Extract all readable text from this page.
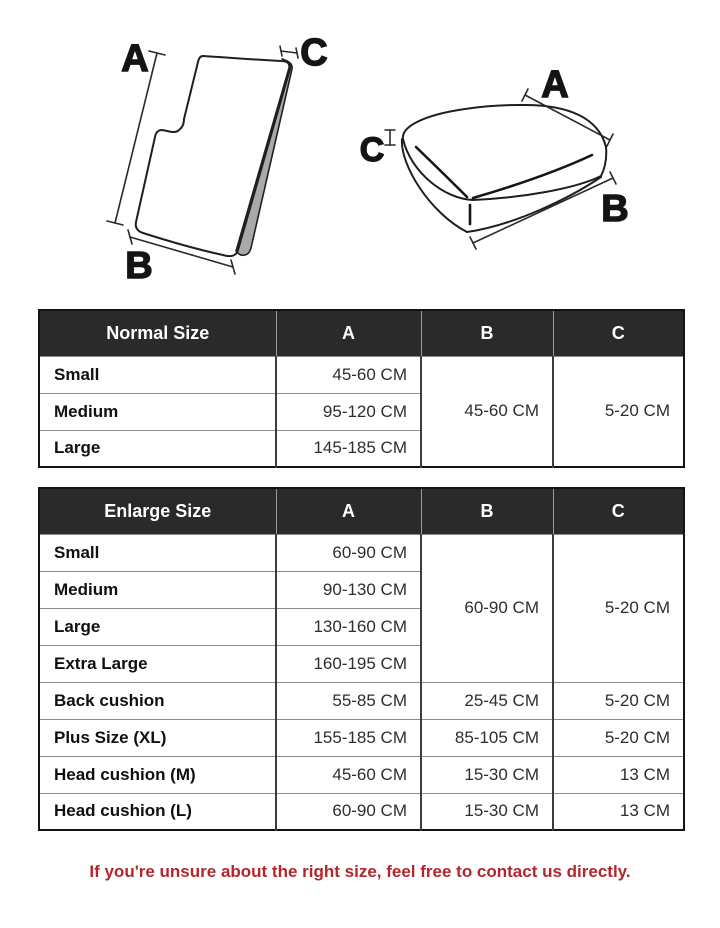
A	C
B
A
C
B
Normal Size	A	B	C
Small	45-60 CM	45-60 CM	5-20 CM
Medium	95-120 CM		
Large	145-185 CM		
Enlarge Size	A	B	C
Small	60-90 CM	60-90 CM	5-20 CM
Medium	90-130 CM		
Large	130-160 CM		
Extra Large	160-195 CM		
Back cushion	55-85 CM	25-45 CM	5-20 CM
Plus Size (XL)	155-185 CM	85-105 CM	5-20 CM
Head cushion (M)	45-60 CM	15-30 CM	13 CM
Head cushion (L)	60-90 CM	15-30 CM	13 CM
If you're unsure about the right size, feel free to contact us directly.
